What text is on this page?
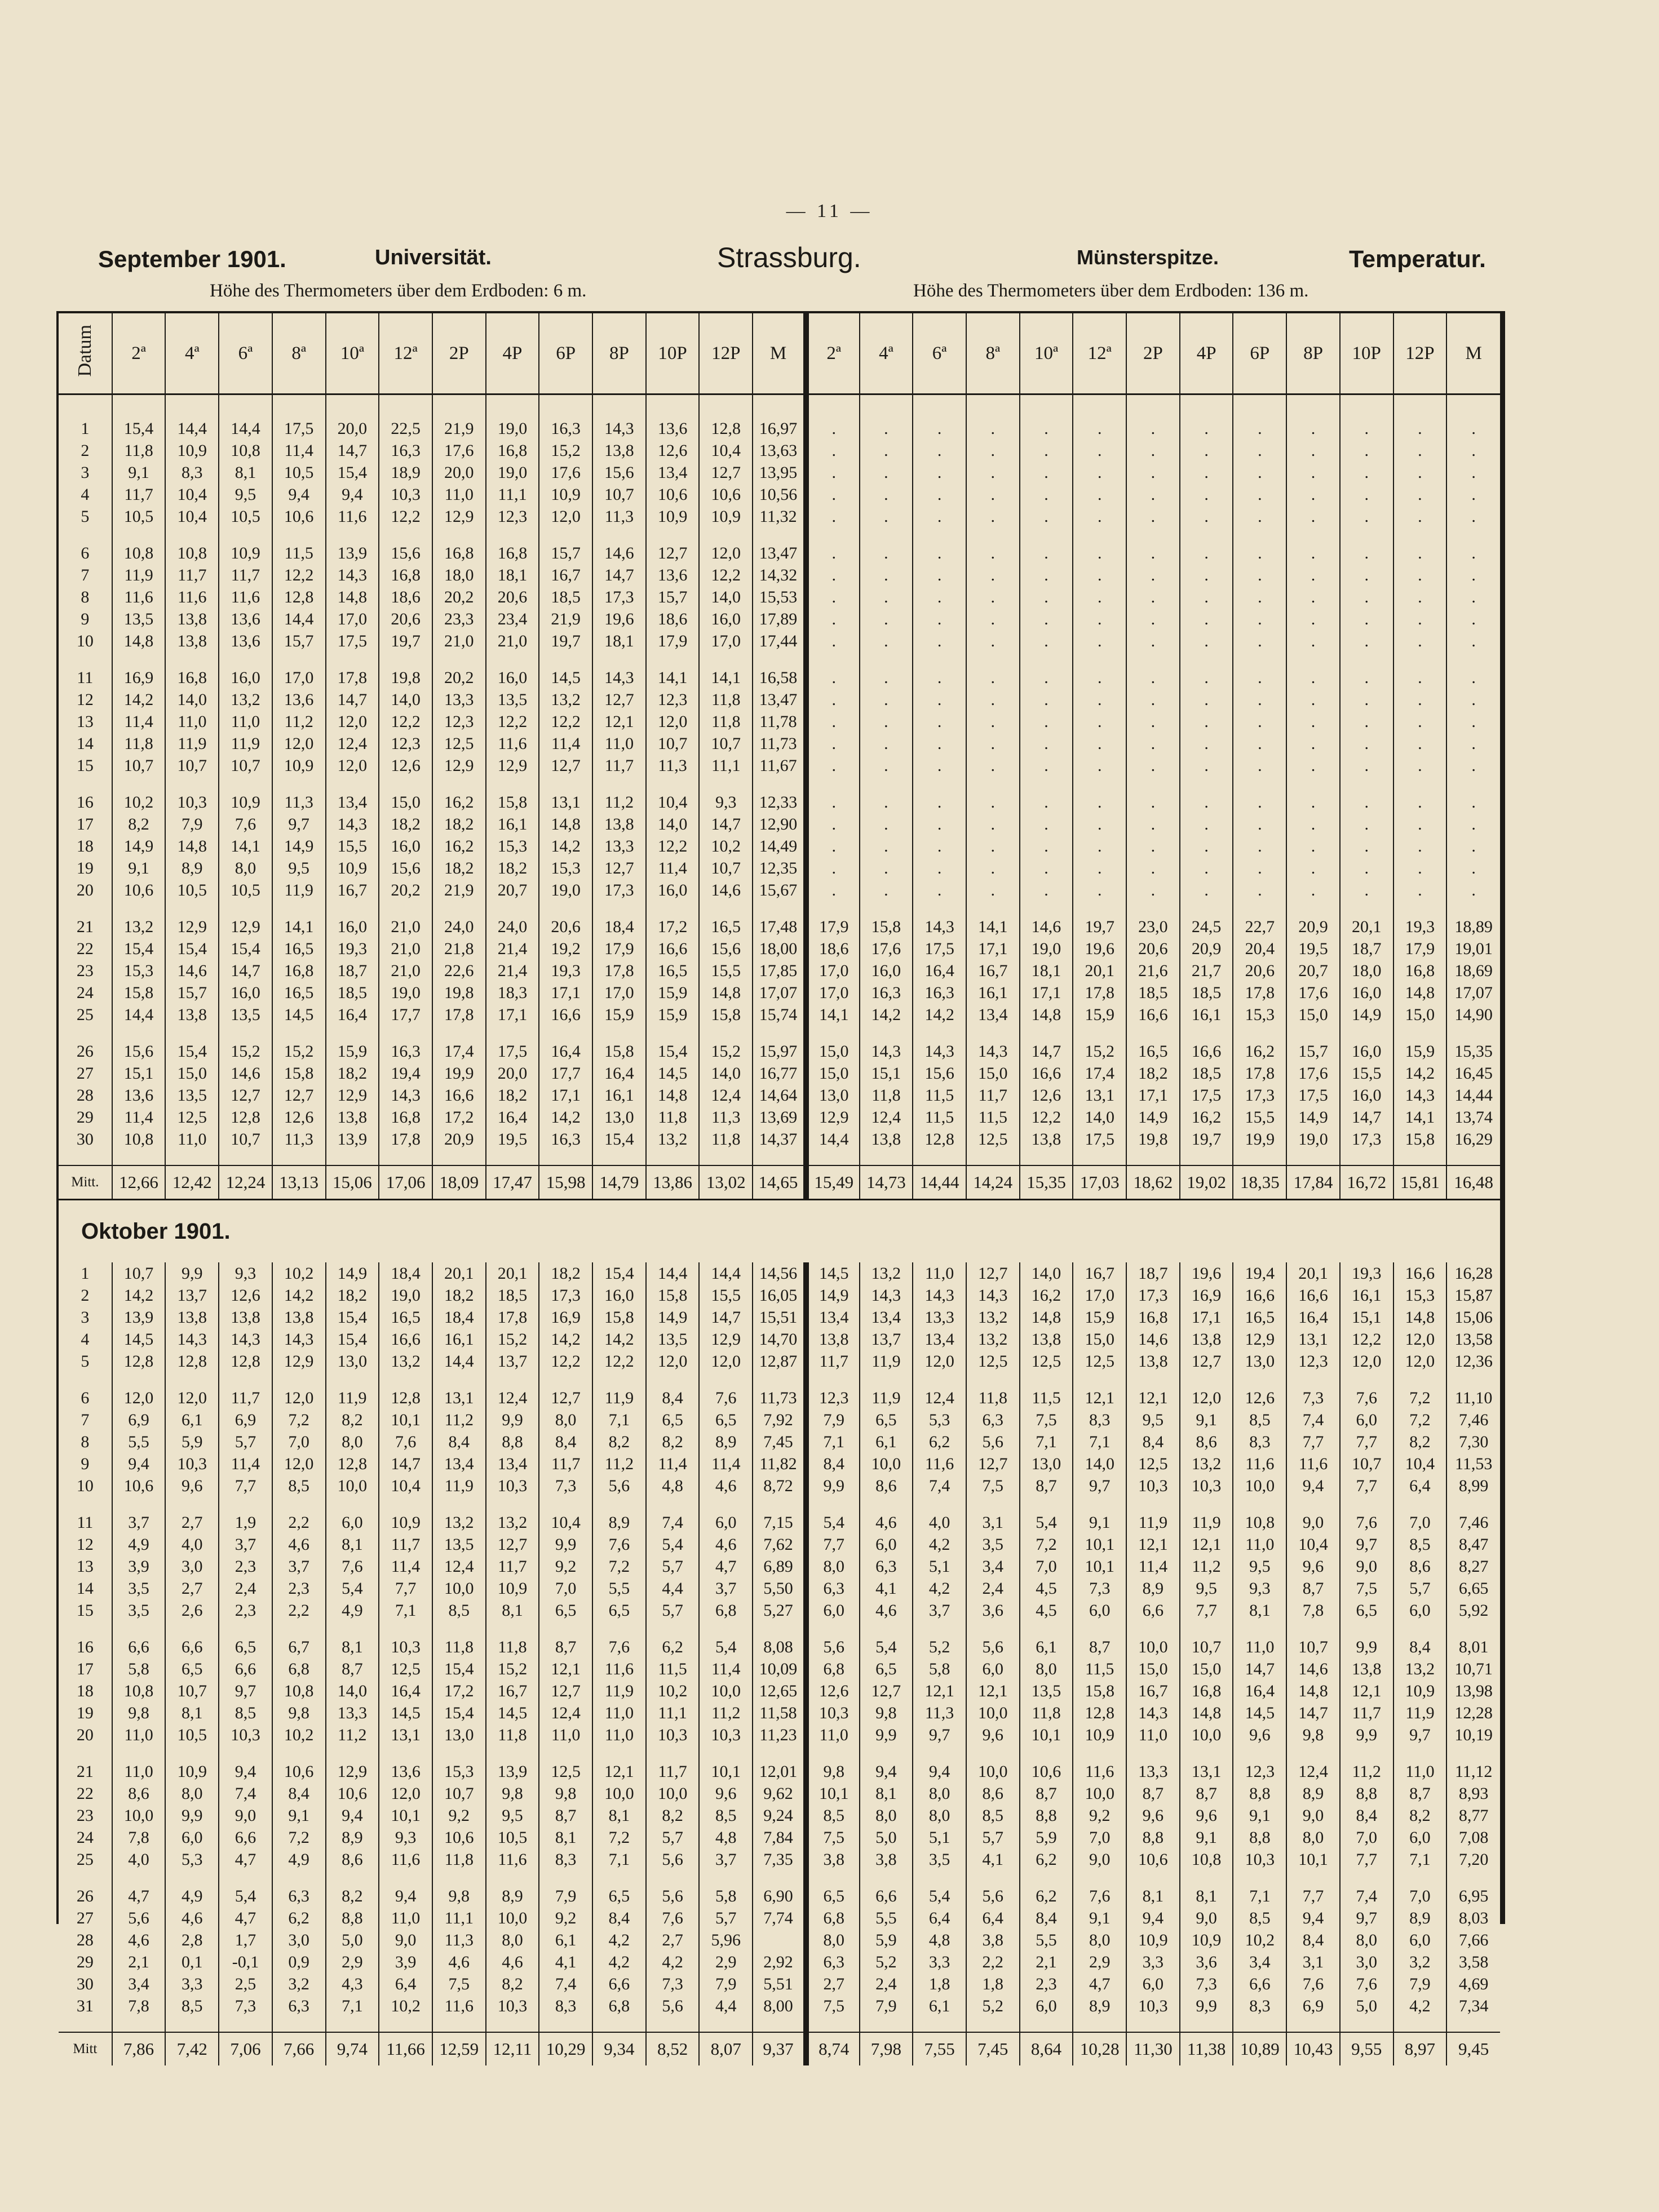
— 11 —
September 1901.	Universität.	Strassburg.	Münsterspitze.	Temperatur.
Höhe des Thermometers über dem Erdboden: 6 m.	Höhe des Thermometers über dem Erdboden: 136 m.
Datum	2ª	4ª	6ª	8ª	10ª	12ª	2P	4P	6P	8P	10P	12P	M	2ª	4ª	6ª	8ª	10ª	12ª	2P	4P	6P	8P	10P	12P	M

1	15,4	14,4	14,4	17,5	20,0	22,5	21,9	19,0	16,3	14,3	13,6	12,8	16,97	.	.	.	.	.	.	.	.	.	.	.	.	.
2	11,8	10,9	10,8	11,4	14,7	16,3	17,6	16,8	15,2	13,8	12,6	10,4	13,63	.	.	.	.	.	.	.	.	.	.	.	.	.
3	9,1	8,3	8,1	10,5	15,4	18,9	20,0	19,0	17,6	15,6	13,4	12,7	13,95	.	.	.	.	.	.	.	.	.	.	.	.	.
4	11,7	10,4	9,5	9,4	9,4	10,3	11,0	11,1	10,9	10,7	10,6	10,6	10,56	.	.	.	.	.	.	.	.	.	.	.	.	.
5	10,5	10,4	10,5	10,6	11,6	12,2	12,9	12,3	12,0	11,3	10,9	10,9	11,32	.	.	.	.	.	.	.	.	.	.	.	.	.

6	10,8	10,8	10,9	11,5	13,9	15,6	16,8	16,8	15,7	14,6	12,7	12,0	13,47	.	.	.	.	.	.	.	.	.	.	.	.	.
7	11,9	11,7	11,7	12,2	14,3	16,8	18,0	18,1	16,7	14,7	13,6	12,2	14,32	.	.	.	.	.	.	.	.	.	.	.	.	.
8	11,6	11,6	11,6	12,8	14,8	18,6	20,2	20,6	18,5	17,3	15,7	14,0	15,53	.	.	.	.	.	.	.	.	.	.	.	.	.
9	13,5	13,8	13,6	14,4	17,0	20,6	23,3	23,4	21,9	19,6	18,6	16,0	17,89	.	.	.	.	.	.	.	.	.	.	.	.	.
10	14,8	13,8	13,6	15,7	17,5	19,7	21,0	21,0	19,7	18,1	17,9	17,0	17,44	.	.	.	.	.	.	.	.	.	.	.	.	.

11	16,9	16,8	16,0	17,0	17,8	19,8	20,2	16,0	14,5	14,3	14,1	14,1	16,58	.	.	.	.	.	.	.	.	.	.	.	.	.
12	14,2	14,0	13,2	13,6	14,7	14,0	13,3	13,5	13,2	12,7	12,3	11,8	13,47	.	.	.	.	.	.	.	.	.	.	.	.	.
13	11,4	11,0	11,0	11,2	12,0	12,2	12,3	12,2	12,2	12,1	12,0	11,8	11,78	.	.	.	.	.	.	.	.	.	.	.	.	.
14	11,8	11,9	11,9	12,0	12,4	12,3	12,5	11,6	11,4	11,0	10,7	10,7	11,73	.	.	.	.	.	.	.	.	.	.	.	.	.
15	10,7	10,7	10,7	10,9	12,0	12,6	12,9	12,9	12,7	11,7	11,3	11,1	11,67	.	.	.	.	.	.	.	.	.	.	.	.	.

16	10,2	10,3	10,9	11,3	13,4	15,0	16,2	15,8	13,1	11,2	10,4	9,3	12,33	.	.	.	.	.	.	.	.	.	.	.	.	.
17	8,2	7,9	7,6	9,7	14,3	18,2	18,2	16,1	14,8	13,8	14,0	14,7	12,90	.	.	.	.	.	.	.	.	.	.	.	.	.
18	14,9	14,8	14,1	14,9	15,5	16,0	16,2	15,3	14,2	13,3	12,2	10,2	14,49	.	.	.	.	.	.	.	.	.	.	.	.	.
19	9,1	8,9	8,0	9,5	10,9	15,6	18,2	18,2	15,3	12,7	11,4	10,7	12,35	.	.	.	.	.	.	.	.	.	.	.	.	.
20	10,6	10,5	10,5	11,9	16,7	20,2	21,9	20,7	19,0	17,3	16,0	14,6	15,67	.	.	.	.	.	.	.	.	.	.	.	.	.

21	13,2	12,9	12,9	14,1	16,0	21,0	24,0	24,0	20,6	18,4	17,2	16,5	17,48	17,9	15,8	14,3	14,1	14,6	19,7	23,0	24,5	22,7	20,9	20,1	19,3	18,89
22	15,4	15,4	15,4	16,5	19,3	21,0	21,8	21,4	19,2	17,9	16,6	15,6	18,00	18,6	17,6	17,5	17,1	19,0	19,6	20,6	20,9	20,4	19,5	18,7	17,9	19,01
23	15,3	14,6	14,7	16,8	18,7	21,0	22,6	21,4	19,3	17,8	16,5	15,5	17,85	17,0	16,0	16,4	16,7	18,1	20,1	21,6	21,7	20,6	20,7	18,0	16,8	18,69
24	15,8	15,7	16,0	16,5	18,5	19,0	19,8	18,3	17,1	17,0	15,9	14,8	17,07	17,0	16,3	16,3	16,1	17,1	17,8	18,5	18,5	17,8	17,6	16,0	14,8	17,07
25	14,4	13,8	13,5	14,5	16,4	17,7	17,8	17,1	16,6	15,9	15,9	15,8	15,74	14,1	14,2	14,2	13,4	14,8	15,9	16,6	16,1	15,3	15,0	14,9	15,0	14,90

26	15,6	15,4	15,2	15,2	15,9	16,3	17,4	17,5	16,4	15,8	15,4	15,2	15,97	15,0	14,3	14,3	14,3	14,7	15,2	16,5	16,6	16,2	15,7	16,0	15,9	15,35
27	15,1	15,0	14,6	15,8	18,2	19,4	19,9	20,0	17,7	16,4	14,5	14,0	16,77	15,0	15,1	15,6	15,0	16,6	17,4	18,2	18,5	17,8	17,6	15,5	14,2	16,45
28	13,6	13,5	12,7	12,7	12,9	14,3	16,6	18,2	17,1	16,1	14,8	12,4	14,64	13,0	11,8	11,5	11,7	12,6	13,1	17,1	17,5	17,3	17,5	16,0	14,3	14,44
29	11,4	12,5	12,8	12,6	13,8	16,8	17,2	16,4	14,2	13,0	11,8	11,3	13,69	12,9	12,4	11,5	11,5	12,2	14,0	14,9	16,2	15,5	14,9	14,7	14,1	13,74
30	10,8	11,0	10,7	11,3	13,9	17,8	20,9	19,5	16,3	15,4	13,2	11,8	14,37	14,4	13,8	12,8	12,5	13,8	17,5	19,8	19,7	19,9	19,0	17,3	15,8	16,29

Mitt.	12,66	12,42	12,24	13,13	15,06	17,06	18,09	17,47	15,98	14,79	13,86	13,02	14,65	15,49	14,73	14,44	14,24	15,35	17,03	18,62	19,02	18,35	17,84	16,72	15,81	16,48
Oktober 1901.																										
1	10,7	9,9	9,3	10,2	14,9	18,4	20,1	20,1	18,2	15,4	14,4	14,4	14,56	14,5	13,2	11,0	12,7	14,0	16,7	18,7	19,6	19,4	20,1	19,3	16,6	16,28
2	14,2	13,7	12,6	14,2	18,2	19,0	18,2	18,5	17,3	16,0	15,8	15,5	16,05	14,9	14,3	14,3	14,3	16,2	17,0	17,3	16,9	16,6	16,6	16,1	15,3	15,87
3	13,9	13,8	13,8	13,8	15,4	16,5	18,4	17,8	16,9	15,8	14,9	14,7	15,51	13,4	13,4	13,3	13,2	14,8	15,9	16,8	17,1	16,5	16,4	15,1	14,8	15,06
4	14,5	14,3	14,3	14,3	15,4	16,6	16,1	15,2	14,2	14,2	13,5	12,9	14,70	13,8	13,7	13,4	13,2	13,8	15,0	14,6	13,8	12,9	13,1	12,2	12,0	13,58
5	12,8	12,8	12,8	12,9	13,0	13,2	14,4	13,7	12,2	12,2	12,0	12,0	12,87	11,7	11,9	12,0	12,5	12,5	12,5	13,8	12,7	13,0	12,3	12,0	12,0	12,36

6	12,0	12,0	11,7	12,0	11,9	12,8	13,1	12,4	12,7	11,9	8,4	7,6	11,73	12,3	11,9	12,4	11,8	11,5	12,1	12,1	12,0	12,6	7,3	7,6	7,2	11,10
7	6,9	6,1	6,9	7,2	8,2	10,1	11,2	9,9	8,0	7,1	6,5	6,5	7,92	7,9	6,5	5,3	6,3	7,5	8,3	9,5	9,1	8,5	7,4	6,0	7,2	7,46
8	5,5	5,9	5,7	7,0	8,0	7,6	8,4	8,8	8,4	8,2	8,2	8,9	7,45	7,1	6,1	6,2	5,6	7,1	7,1	8,4	8,6	8,3	7,7	7,7	8,2	7,30
9	9,4	10,3	11,4	12,0	12,8	14,7	13,4	13,4	11,7	11,2	11,4	11,4	11,82	8,4	10,0	11,6	12,7	13,0	14,0	12,5	13,2	11,6	11,6	10,7	10,4	11,53
10	10,6	9,6	7,7	8,5	10,0	10,4	11,9	10,3	7,3	5,6	4,8	4,6	8,72	9,9	8,6	7,4	7,5	8,7	9,7	10,3	10,3	10,0	9,4	7,7	6,4	8,99

11	3,7	2,7	1,9	2,2	6,0	10,9	13,2	13,2	10,4	8,9	7,4	6,0	7,15	5,4	4,6	4,0	3,1	5,4	9,1	11,9	11,9	10,8	9,0	7,6	7,0	7,46
12	4,9	4,0	3,7	4,6	8,1	11,7	13,5	12,7	9,9	7,6	5,4	4,6	7,62	7,7	6,0	4,2	3,5	7,2	10,1	12,1	12,1	11,0	10,4	9,7	8,5	8,47
13	3,9	3,0	2,3	3,7	7,6	11,4	12,4	11,7	9,2	7,2	5,7	4,7	6,89	8,0	6,3	5,1	3,4	7,0	10,1	11,4	11,2	9,5	9,6	9,0	8,6	8,27
14	3,5	2,7	2,4	2,3	5,4	7,7	10,0	10,9	7,0	5,5	4,4	3,7	5,50	6,3	4,1	4,2	2,4	4,5	7,3	8,9	9,5	9,3	8,7	7,5	5,7	6,65
15	3,5	2,6	2,3	2,2	4,9	7,1	8,5	8,1	6,5	6,5	5,7	6,8	5,27	6,0	4,6	3,7	3,6	4,5	6,0	6,6	7,7	8,1	7,8	6,5	6,0	5,92

16	6,6	6,6	6,5	6,7	8,1	10,3	11,8	11,8	8,7	7,6	6,2	5,4	8,08	5,6	5,4	5,2	5,6	6,1	8,7	10,0	10,7	11,0	10,7	9,9	8,4	8,01
17	5,8	6,5	6,6	6,8	8,7	12,5	15,4	15,2	12,1	11,6	11,5	11,4	10,09	6,8	6,5	5,8	6,0	8,0	11,5	15,0	15,0	14,7	14,6	13,8	13,2	10,71
18	10,8	10,7	9,7	10,8	14,0	16,4	17,2	16,7	12,7	11,9	10,2	10,0	12,65	12,6	12,7	12,1	12,1	13,5	15,8	16,7	16,8	16,4	14,8	12,1	10,9	13,98
19	9,8	8,1	8,5	9,8	13,3	14,5	15,4	14,5	12,4	11,0	11,1	11,2	11,58	10,3	9,8	11,3	10,0	11,8	12,8	14,3	14,8	14,5	14,7	11,7	11,9	12,28
20	11,0	10,5	10,3	10,2	11,2	13,1	13,0	11,8	11,0	11,0	10,3	10,3	11,23	11,0	9,9	9,7	9,6	10,1	10,9	11,0	10,0	9,6	9,8	9,9	9,7	10,19

21	11,0	10,9	9,4	10,6	12,9	13,6	15,3	13,9	12,5	12,1	11,7	10,1	12,01	9,8	9,4	9,4	10,0	10,6	11,6	13,3	13,1	12,3	12,4	11,2	11,0	11,12
22	8,6	8,0	7,4	8,4	10,6	12,0	10,7	9,8	9,8	10,0	10,0	9,6	9,62	10,1	8,1	8,0	8,6	8,7	10,0	8,7	8,7	8,8	8,9	8,8	8,7	8,93
23	10,0	9,9	9,0	9,1	9,4	10,1	9,2	9,5	8,7	8,1	8,2	8,5	9,24	8,5	8,0	8,0	8,5	8,8	9,2	9,6	9,6	9,1	9,0	8,4	8,2	8,77
24	7,8	6,0	6,6	7,2	8,9	9,3	10,6	10,5	8,1	7,2	5,7	4,8	7,84	7,5	5,0	5,1	5,7	5,9	7,0	8,8	9,1	8,8	8,0	7,0	6,0	7,08
25	4,0	5,3	4,7	4,9	8,6	11,6	11,8	11,6	8,3	7,1	5,6	3,7	7,35	3,8	3,8	3,5	4,1	6,2	9,0	10,6	10,8	10,3	10,1	7,7	7,1	7,20

26	4,7	4,9	5,4	6,3	8,2	9,4	9,8	8,9	7,9	6,5	5,6	5,8	6,90	6,5	6,6	5,4	5,6	6,2	7,6	8,1	8,1	7,1	7,7	7,4	7,0	6,95
27	5,6	4,6	4,7	6,2	8,8	11,0	11,1	10,0	9,2	8,4	7,6	5,7	7,74	6,8	5,5	6,4	6,4	8,4	9,1	9,4	9,0	8,5	9,4	9,7	8,9	8,03
28	4,6	2,8	1,7	3,0	5,0	9,0	11,3	8,0	6,1	4,2	2,7	5,96		8,0	5,9	4,8	3,8	5,5	8,0	10,9	10,9	10,2	8,4	8,0	6,0	7,66
29	2,1	0,1	-0,1	0,9	2,9	3,9	4,6	4,6	4,1	4,2	4,2	2,9	2,92	6,3	5,2	3,3	2,2	2,1	2,9	3,3	3,6	3,4	3,1	3,0	3,2	3,58
30	3,4	3,3	2,5	3,2	4,3	6,4	7,5	8,2	7,4	6,6	7,3	7,9	5,51	2,7	2,4	1,8	1,8	2,3	4,7	6,0	7,3	6,6	7,6	7,6	7,9	4,69
31	7,8	8,5	7,3	6,3	7,1	10,2	11,6	10,3	8,3	6,8	5,6	4,4	8,00	7,5	7,9	6,1	5,2	6,0	8,9	10,3	9,9	8,3	6,9	5,0	4,2	7,34

Mitt	7,86	7,42	7,06	7,66	9,74	11,66	12,59	12,11	10,29	9,34	8,52	8,07	9,37	8,74	7,98	7,55	7,45	8,64	10,28	11,30	11,38	10,89	10,43	9,55	8,97	9,45
